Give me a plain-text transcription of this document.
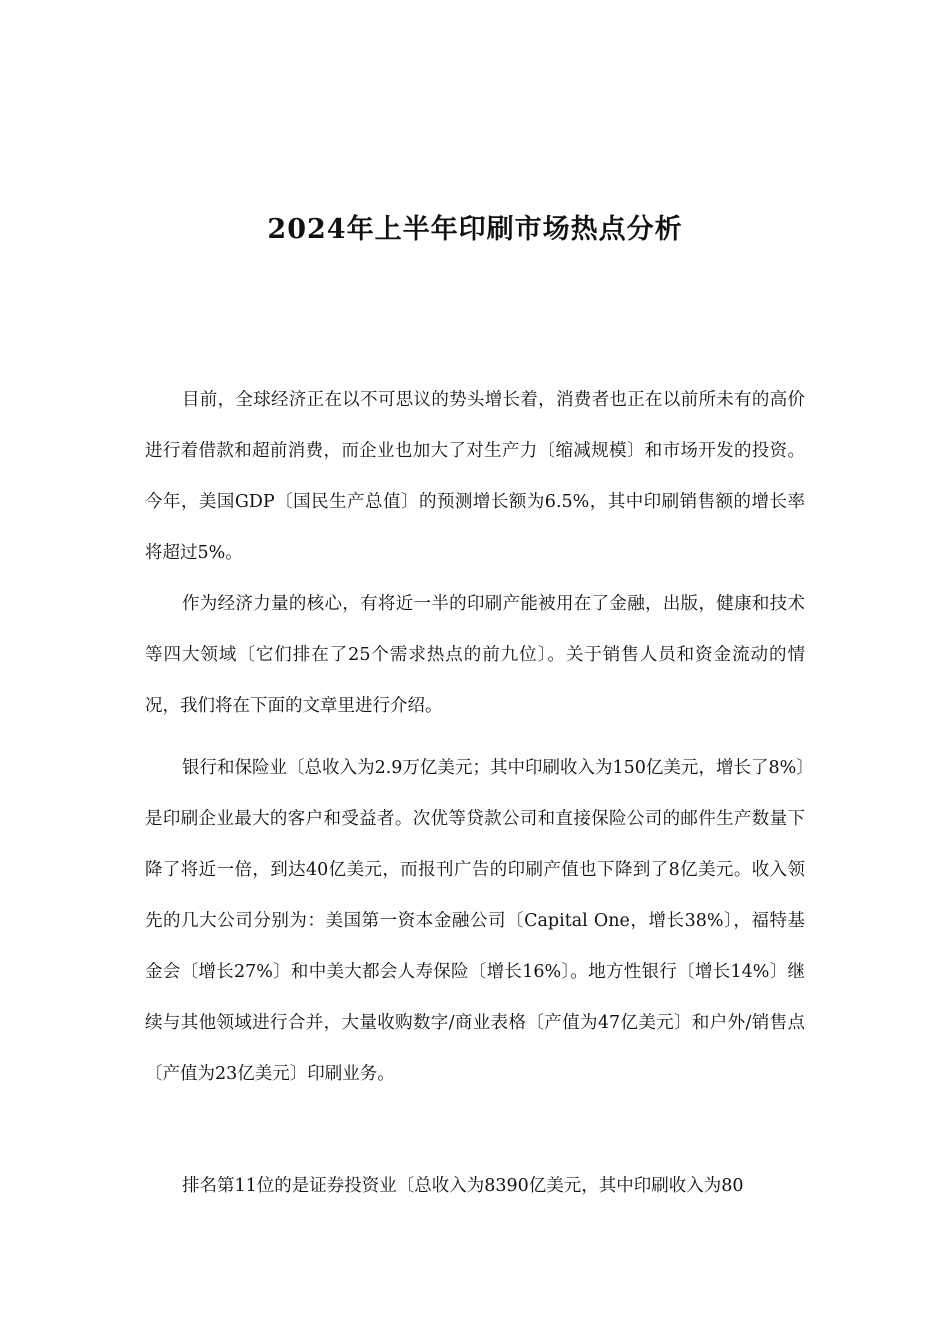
2024年上半年印刷市场热点分析

目前，全球经济正在以不可思议的势头增长着，消费者也正在以前所未有的高价进行着借款和超前消费，而企业也加大了对生产力〔缩减规模〕和市场开发的投资。今年，美国GDP〔国民生产总值〕的预测增长额为6.5%，其中印刷销售额的增长率将超过5%。

作为经济力量的核心，有将近一半的印刷产能被用在了金融，出版，健康和技术等四大领域〔它们排在了25个需求热点的前九位〕。关于销售人员和资金流动的情况，我们将在下面的文章里进行介绍。

银行和保险业〔总收入为2.9万亿美元；其中印刷收入为150亿美元，增长了8%〕是印刷企业最大的客户和受益者。次优等贷款公司和直接保险公司的邮件生产数量下降了将近一倍，到达40亿美元，而报刊广告的印刷产值也下降到了8亿美元。收入领先的几大公司分别为：美国第一资本金融公司〔Capital One，增长38%〕，福特基金会〔增长27%〕和中美大都会人寿保险〔增长16%〕。地方性银行〔增长14%〕继续与其他领域进行合并，大量收购数字/商业表格〔产值为47亿美元〕和户外/销售点〔产值为23亿美元〕印刷业务。

排名第11位的是证券投资业〔总收入为8390亿美元，其中印刷收入为80
